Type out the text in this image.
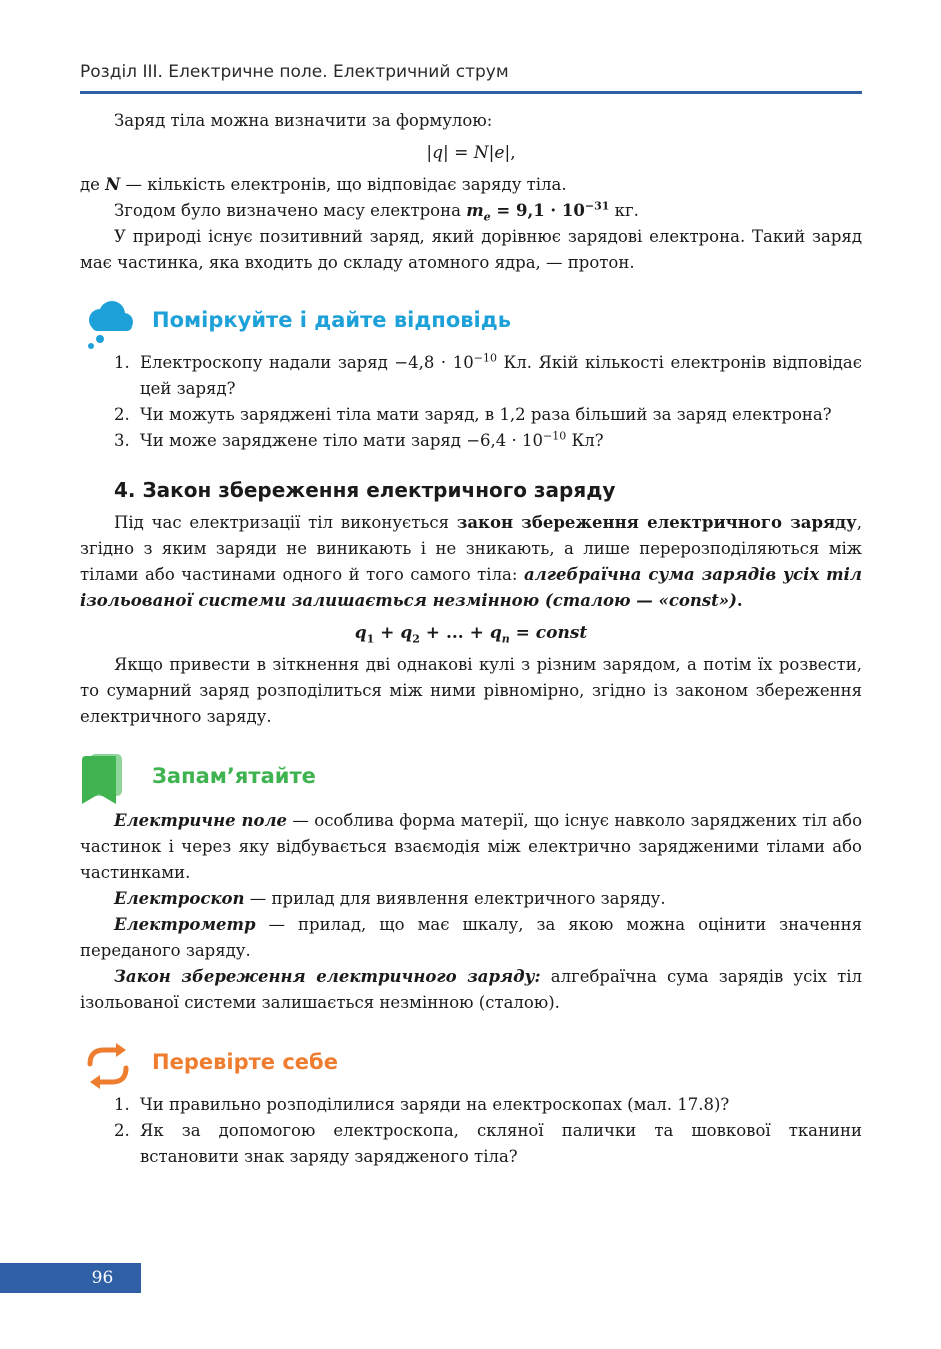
Розділ III. Електричне поле. Електричний струм

Заряд тіла можна визначити за формулою:

|q| = N|e|,

де N — кількість електронів, що відповідає заряду тіла.

Згодом було визначено масу електрона $m_e = 9,1 \cdot 10^{-31}$ кг.

У природі існує позитивний заряд, який дорівнює зарядові електрона. Такий заряд має частинка, яка входить до складу атомного ядра, — протон.

Поміркуйте і дайте відповідь
1. Електроскопу надали заряд $-4,8 \cdot 10^{-10}$ Кл. Якій кількості електронів відповідає цей заряд?
2. Чи можуть заряджені тіла мати заряд, в 1,2 раза більший за заряд електрона?
3. Чи може заряджене тіло мати заряд $-6,4 \cdot 10^{-10}$ Кл?
4. Закон збереження електричного заряду

Під час електризації тіл виконується закон збереження електричного заряду, згідно з яким заряди не виникають і не зникають, а лише перерозподіляються між тілами або частинами одного й того самого тіла: алгебраїчна сума зарядів усіх тіл ізольованої системи залишається незмінною (сталою — «const»).

$q_1 + q_2$ + ... + $q_n$ = const

Якщо привести в зіткнення дві однакові кулі з різним зарядом, а потім їх розвести, то сумарний заряд розподілиться між ними рівномірно, згідно із законом збереження електричного заряду.

Запам’ятайте

Електричне поле — особлива форма матерії, що існує навколо заряджених тіл або частинок і через яку відбувається взаємодія між електрично зарядженими тілами або частинками.

Електроскоп — прилад для виявлення електричного заряду.

Електрометр — прилад, що має шкалу, за якою можна оцінити значення переданого заряду.

Закон збереження електричного заряду: алгебраїчна сума зарядів усіх тіл ізольованої системи залишається незмінною (сталою).

Перевірте себе
1. Чи правильно розподілилися заряди на електроскопах (мал. 17.8)?
2. Як за допомогою електроскопа, скляної палички та шовкової тканини встановити знак заряду зарядженого тіла?
96
